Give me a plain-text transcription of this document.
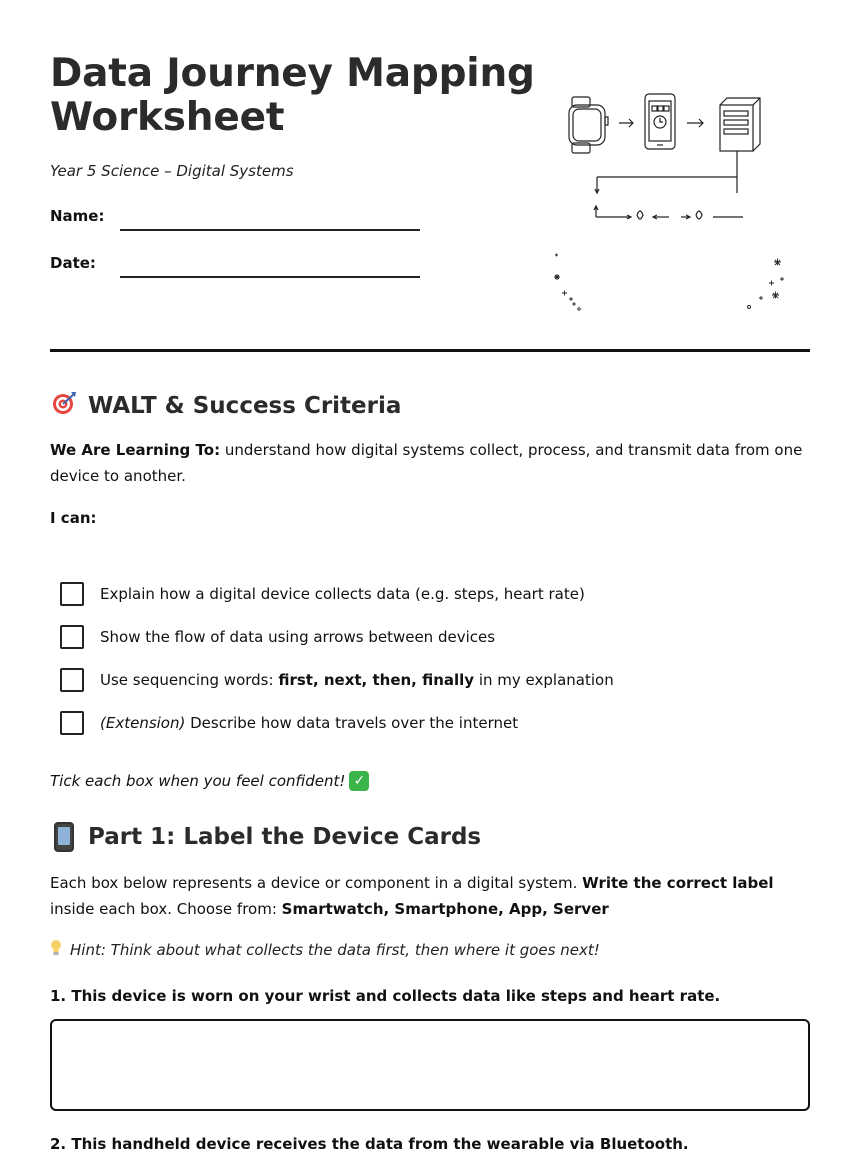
Data Journey Mapping Worksheet
Year 5 Science – Digital Systems
Name:
Date:
WALT & Success Criteria

We Are Learning To: understand how digital systems collect, process, and transmit data from one device to another.

I can:
Explain how a digital device collects data (e.g. steps, heart rate)
Show the flow of data using arrows between devices
Use sequencing words: first, next, then, finally in my explanation
(Extension) Describe how data travels over the internet
Tick each box when you feel confident! ✓
Part 1: Label the Device Cards

Each box below represents a device or component in a digital system. Write the correct label inside each box. Choose from: Smartwatch, Smartphone, App, Server

Hint: Think about what collects the data first, then where it goes next!
1. This device is worn on your wrist and collects data like steps and heart rate.
2. This handheld device receives the data from the wearable via Bluetooth.
